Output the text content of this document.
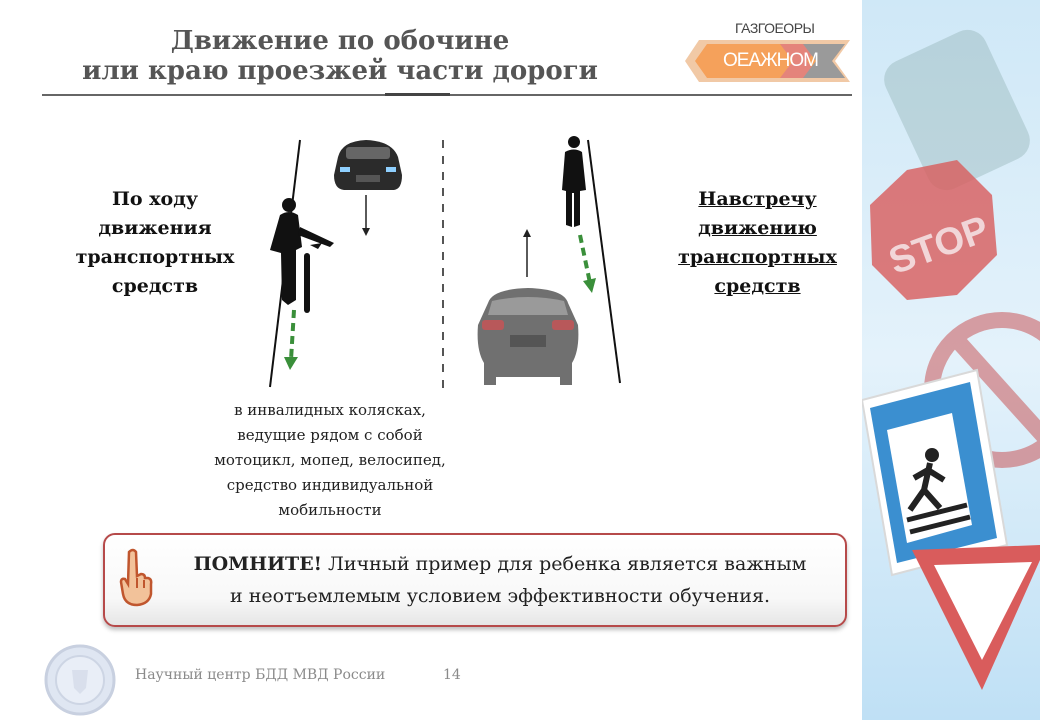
Движение по обочине
или краю проезжей части дороги
ГАЗГОЕОРЫ
ОЕАЖНОМ
STOP
По ходу
движения
транспортных
средств
Навстречу
движению
транспортных
средств
в инвалидных колясках,
ведущие рядом с собой
мотоцикл, мопед, велосипед,
средство индивидуальной
мобильности
ПОМНИТЕ! Личный пример для ребенка является важным
и неотъемлемым условием эффективности обучения.
Научный центр БДД МВД России	14
